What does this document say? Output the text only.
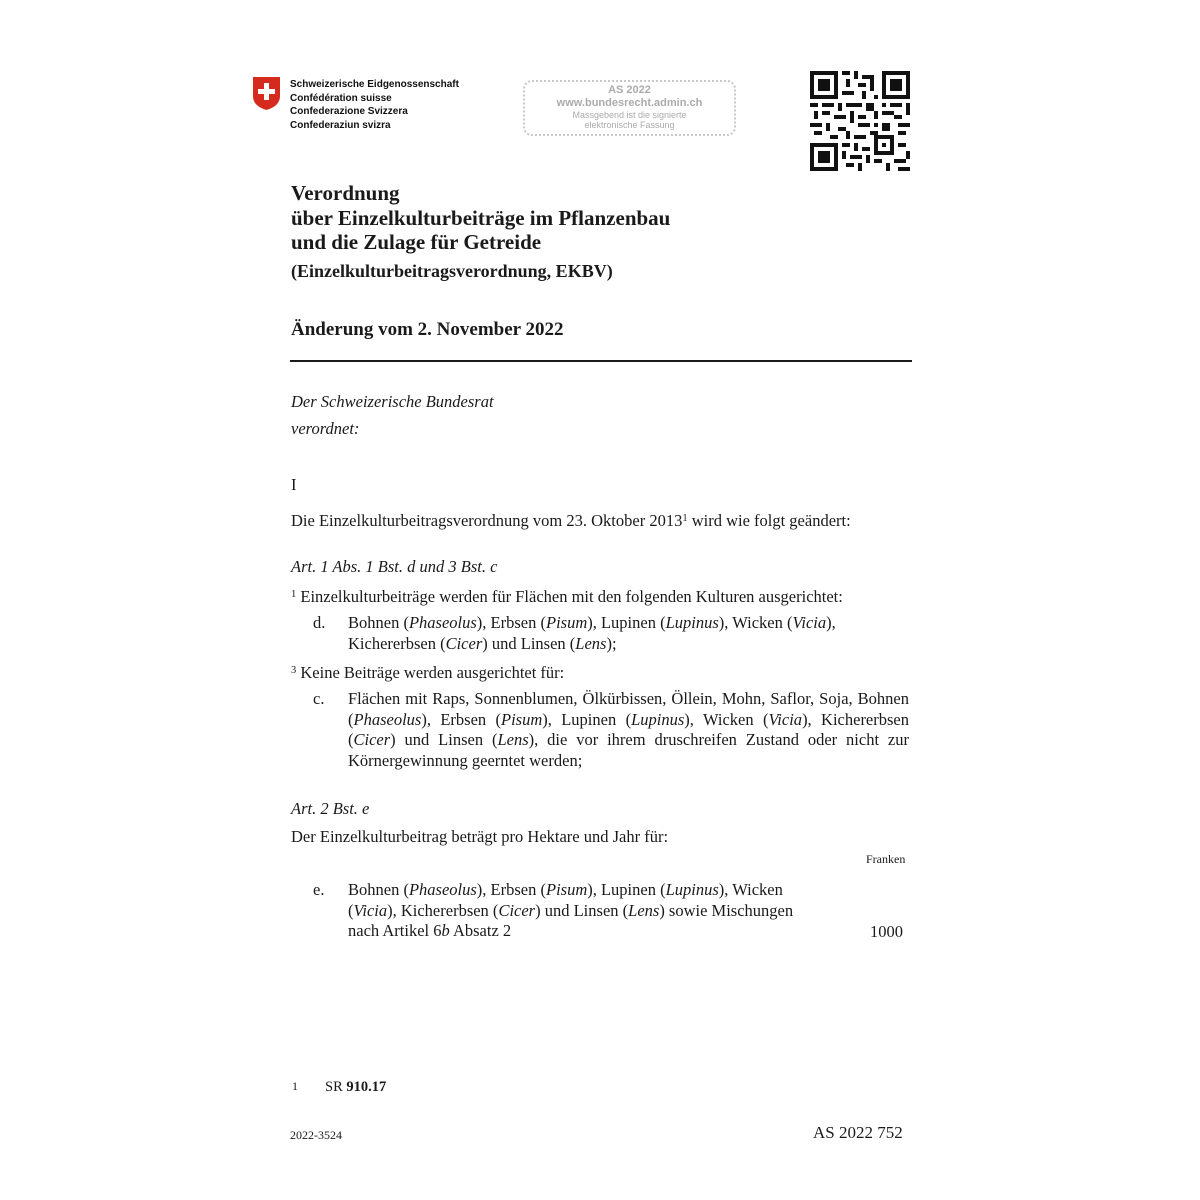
Schweizerische Eidgenossenschaft
Confédération suisse
Confederazione Svizzera
Confederaziun svizra
AS 2022
www.bundesrecht.admin.ch
Massgebend ist die signierte
elektronische Fassung
Verordnung
über Einzelkulturbeiträge im Pflanzenbau
und die Zulage für Getreide
(Einzelkulturbeitragsverordnung, EKBV)
Änderung vom 2. November 2022
Der Schweizerische Bundesrat
verordnet:
I
Die Einzelkulturbeitragsverordnung vom 23. Oktober 2013$^1$ wird wie folgt geändert:
Art. 1 Abs. 1 Bst. d und 3 Bst. c
$^1$ Einzelkulturbeiträge werden für Flächen mit den folgenden Kulturen ausgerichtet:
d. Bohnen (Phaseolus), Erbsen (Pisum), Lupinen (Lupinus), Wicken (Vicia),
Kichererbsen (Cicer) und Linsen (Lens);
$^3$ Keine Beiträge werden ausgerichtet für:
c. Flächen mit Raps, Sonnenblumen, Ölkürbissen, Öllein, Mohn, Saflor, Soja, Bohnen (Phaseolus), Erbsen (Pisum), Lupinen (Lupinus), Wicken (Vicia), Kichererbsen (Cicer) und Linsen (Lens), die vor ihrem druschreifen Zustand oder nicht zur Körnergewinnung geerntet werden;
Art. 2 Bst. e
Der Einzelkulturbeitrag beträgt pro Hektare und Jahr für:
Franken
e. Bohnen (Phaseolus), Erbsen (Pisum), Lupinen (Lupinus), Wicken
(Vicia), Kichererbsen (Cicer) und Linsen (Lens) sowie Mischungen
nach Artikel 6b Absatz 2	1000
1 SR 910.17
2022-3524	AS 2022 752
